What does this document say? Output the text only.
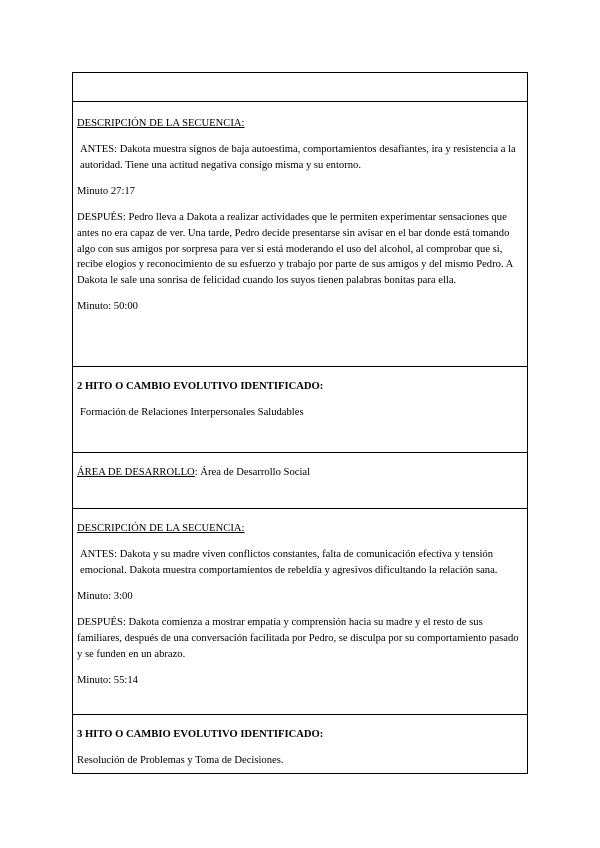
DESCRIPCIÓN DE LA SECUENCIA:

ANTES: Dakota muestra signos de baja autoestima, comportamientos desafiantes, ira y resistencia a la autoridad. Tiene una actitud negativa consigo misma y su entorno.

Minuto 27:17

DESPUÉS: Pedro lleva a Dakota a realizar actividades que le permiten experimentar sensaciones que antes no era capaz de ver. Una tarde, Pedro decide presentarse sin avisar en el bar donde está tomando algo con sus amigos por sorpresa para ver si está moderando el uso del alcohol, al comprobar que si, recibe elogios y reconocimiento de su esfuerzo y trabajo por parte de sus amigos y del mismo Pedro. A Dakota le sale una sonrisa de felicidad cuando los suyos tienen palabras bonitas para ella.

Minuto: 50:00

2 HITO O CAMBIO EVOLUTIVO IDENTIFICADO:

Formación de Relaciones Interpersonales Saludables

ÁREA DE DESARROLLO: Área de Desarrollo Social

DESCRIPCIÓN DE LA SECUENCIA:

ANTES: Dakota y su madre viven conflictos constantes, falta de comunicación efectiva y tensión emocional. Dakota muestra comportamientos de rebeldía y agresivos dificultando la relación sana.

Minuto: 3:00

DESPUÉS: Dakota comienza a mostrar empatía y comprensión hacia su madre y el resto de sus familiares, después de una conversación facilitada por Pedro, se disculpa por su comportamiento pasado y se funden en un abrazo.

Minuto: 55:14

3 HITO O CAMBIO EVOLUTIVO IDENTIFICADO:

Resolución de Problemas y Toma de Decisiones.
